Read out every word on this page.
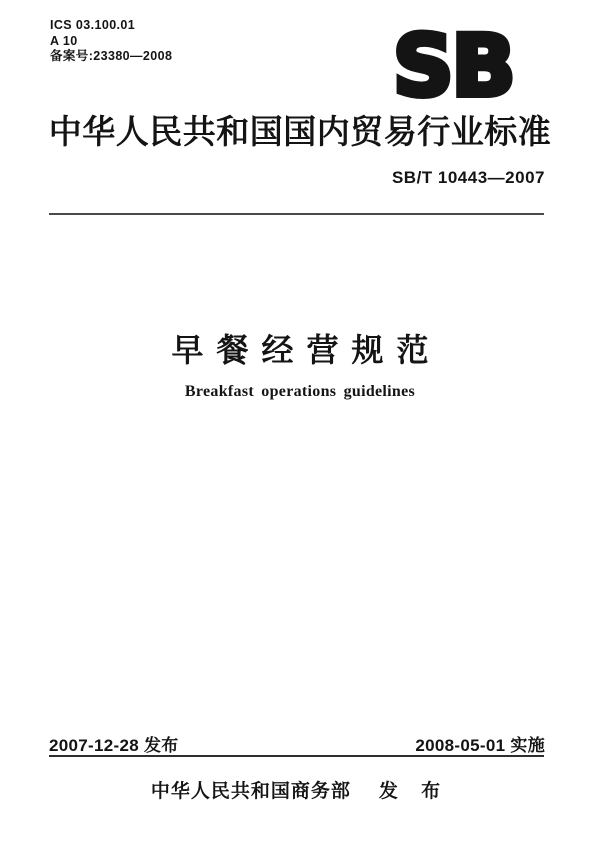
ICS 03.100.01
A 10
备案号:23380—2008	SB
中华人民共和国国内贸易行业标准
SB/T 10443—2007
早餐经营规范
Breakfast operations guidelines
2007-12-28 发布	2008-05-01 实施
中华人民共和国商务部 发 布
